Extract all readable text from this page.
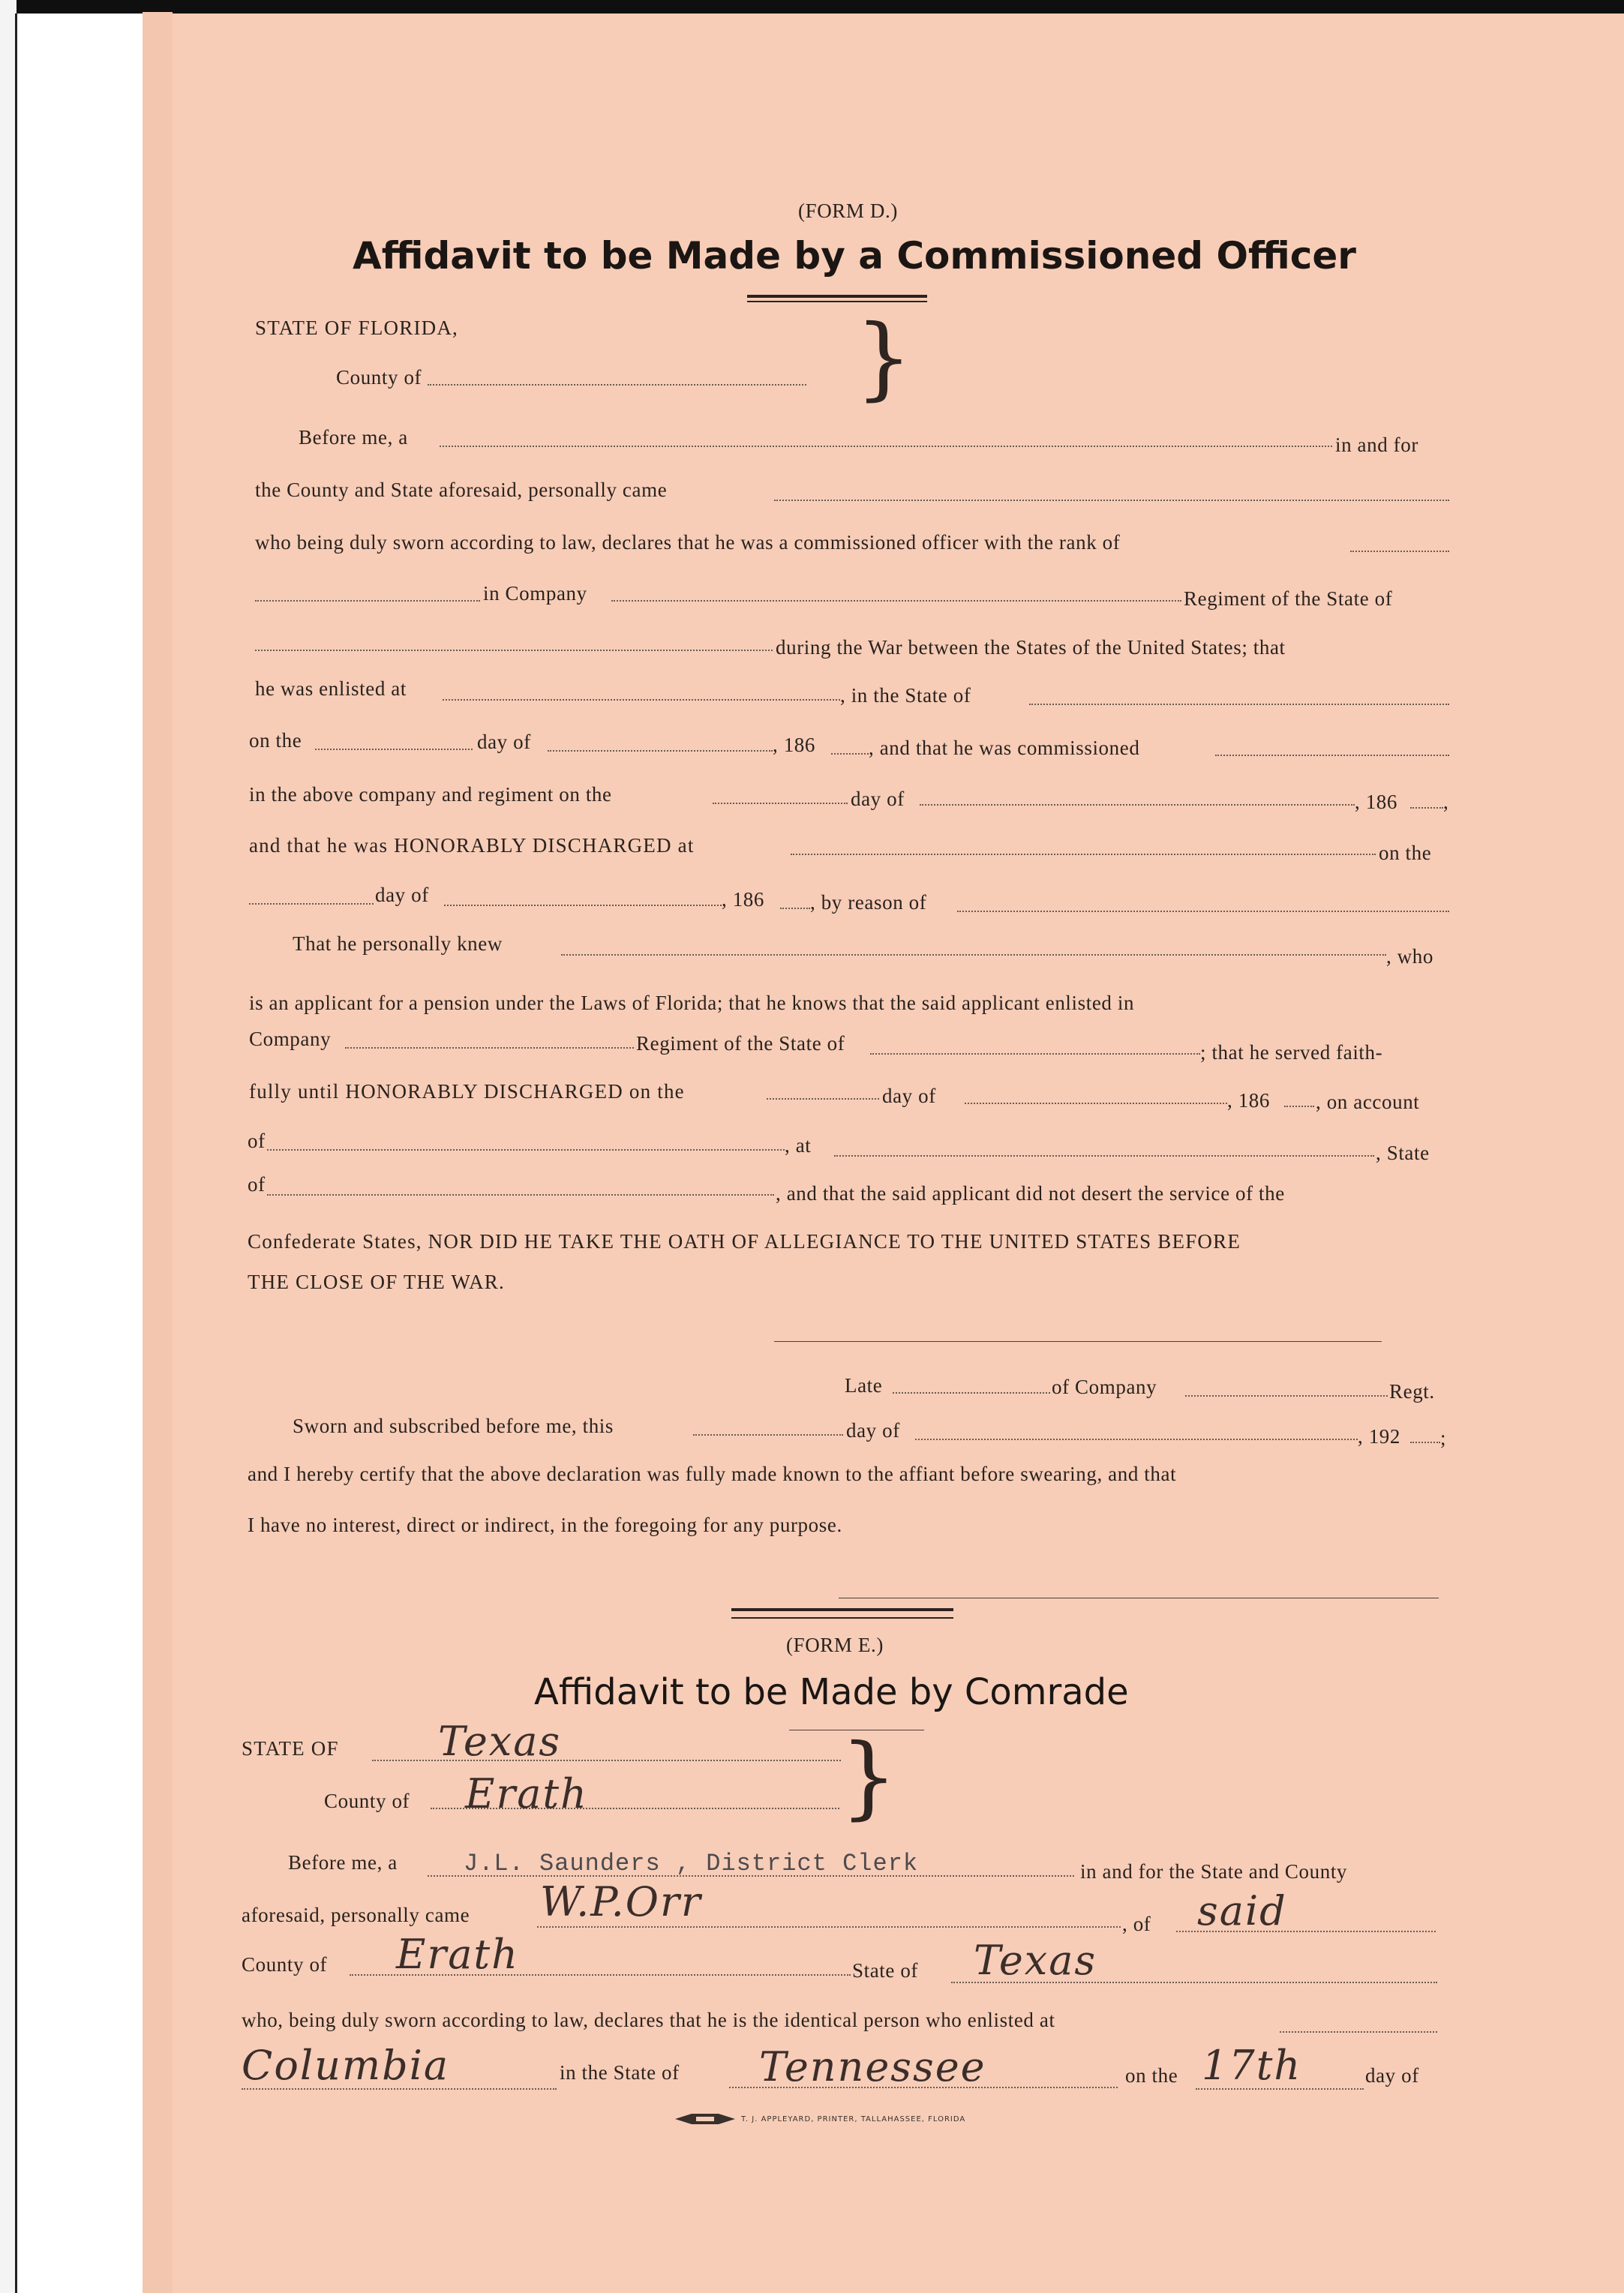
(FORM D.)
Affidavit to be Made by a Commissioned Officer
STATE OF FLORIDA,
County of	}
Before me, a	in and for
the County and State aforesaid, personally came
who being duly sworn according to law, declares that he was a commissioned officer with the rank of
in Company	Regiment of the State of
during the War between the States of the United States; that
he was enlisted at	, in the State of
on the	day of	, 186	, and that he was commissioned
in the above company and regiment on the	day of	, 186 ,
and that he was HONORABLY DISCHARGED at	on the
day of	, 186 , by reason of
That he personally knew
, who
is an applicant for a pension under the Laws of Florida; that he knows that the said applicant enlisted in
Company	Regiment of the State of	; that he served faith-
fully until HONORABLY DISCHARGED on the	day of	, 186 , on account
of	, at	, State
of	, and that the said applicant did not desert the service of the
Confederate States, NOR DID HE TAKE THE OATH OF ALLEGIANCE TO THE UNITED STATES BEFORE
THE CLOSE OF THE WAR.
Late	of Company	Regt.
Sworn and subscribed before me, this	day of	, 192 ;
and I hereby certify that the above declaration was fully made known to the affiant before swearing, and that
I have no interest, direct or indirect, in the foregoing for any purpose.
(FORM E.)
Affidavit to be Made by Comrade
STATE OF Texas
County of Erath	}
Before me, a	J.L. Saunders , District Clerk	in and for the State and County
aforesaid, personally came W.P.Orr	, of said
County of Erath	State of Texas
who, being duly sworn according to law, declares that he is the identical person who enlisted at
Columbia	in the State of Tennessee	on the 17th	day of
T. J. APPLEYARD, PRINTER, TALLAHASSEE, FLORIDA
